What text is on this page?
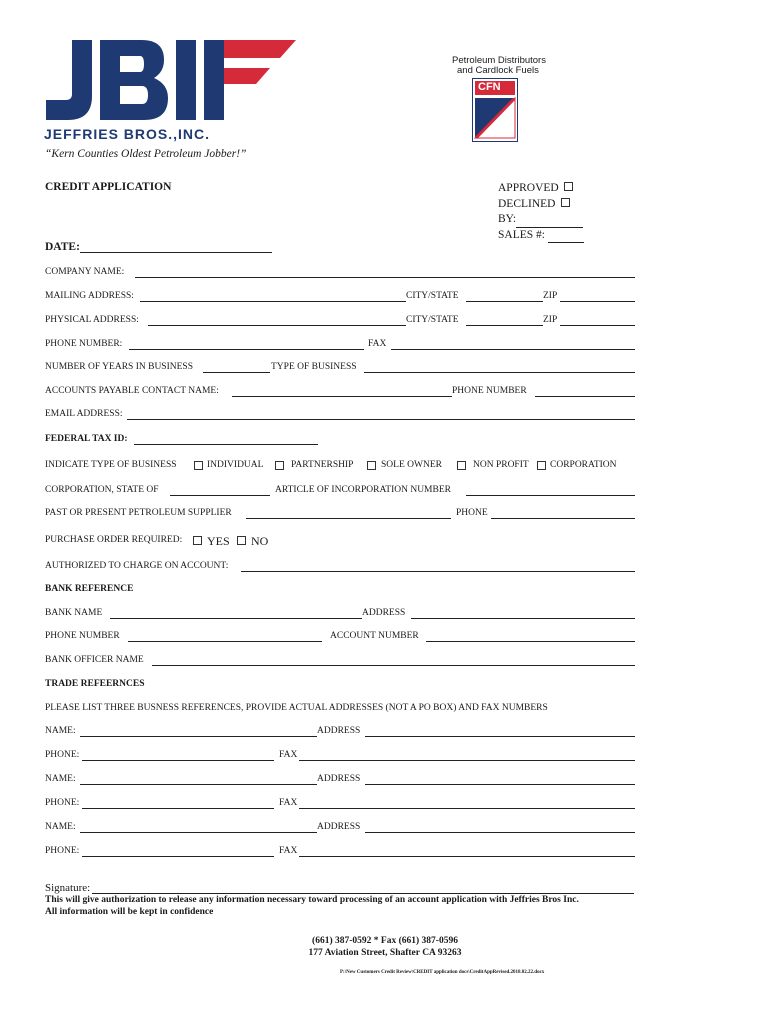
JEFFRIES BROS.,INC.
“Kern Counties Oldest Petroleum Jobber!”
Petroleum Distributors
and Cardlock Fuels
CFN
CREDIT APPLICATION	APPROVED
DECLINED
BY:
SALES #:
DATE:
COMPANY NAME:
MAILING ADDRESS:	CITY/STATE	ZIP
PHYSICAL ADDRESS:	CITY/STATE	ZIP
PHONE NUMBER:	FAX
NUMBER OF YEARS IN BUSINESS	TYPE OF BUSINESS
ACCOUNTS PAYABLE CONTACT NAME:	PHONE NUMBER
EMAIL ADDRESS:
FEDERAL TAX ID:
INDICATE TYPE OF BUSINESS	INDIVIDUAL	PARTNERSHIP	SOLE OWNER	NON PROFIT CORPORATION
CORPORATION, STATE OF	ARTICLE OF INCORPORATION NUMBER
PAST OR PRESENT PETROLEUM SUPPLIER	PHONE
PURCHASE ORDER REQUIRED: YES NO
AUTHORIZED TO CHARGE ON ACCOUNT:
BANK REFERENCE
BANK NAME	ADDRESS
PHONE NUMBER	ACCOUNT NUMBER
BANK OFFICER NAME
TRADE REFEERNCES
PLEASE LIST THREE BUSNESS REFERENCES, PROVIDE ACTUAL ADDRESSES (NOT A PO BOX) AND FAX NUMBERS
NAME:	ADDRESS
PHONE:	FAX
NAME:	ADDRESS
PHONE:	FAX
NAME:	ADDRESS
PHONE:	FAX
Signature:
This will give authorization to release any information necessary toward processing of an account application with Jeffries Bros Inc.
All information will be kept in confidence
(661) 387-0592 * Fax (661) 387-0596
177 Aviation Street, Shafter CA 93263
P:\New Customers Credit Review\CREDIT application docs\CreditAppRevised.2018.02.22.docx
